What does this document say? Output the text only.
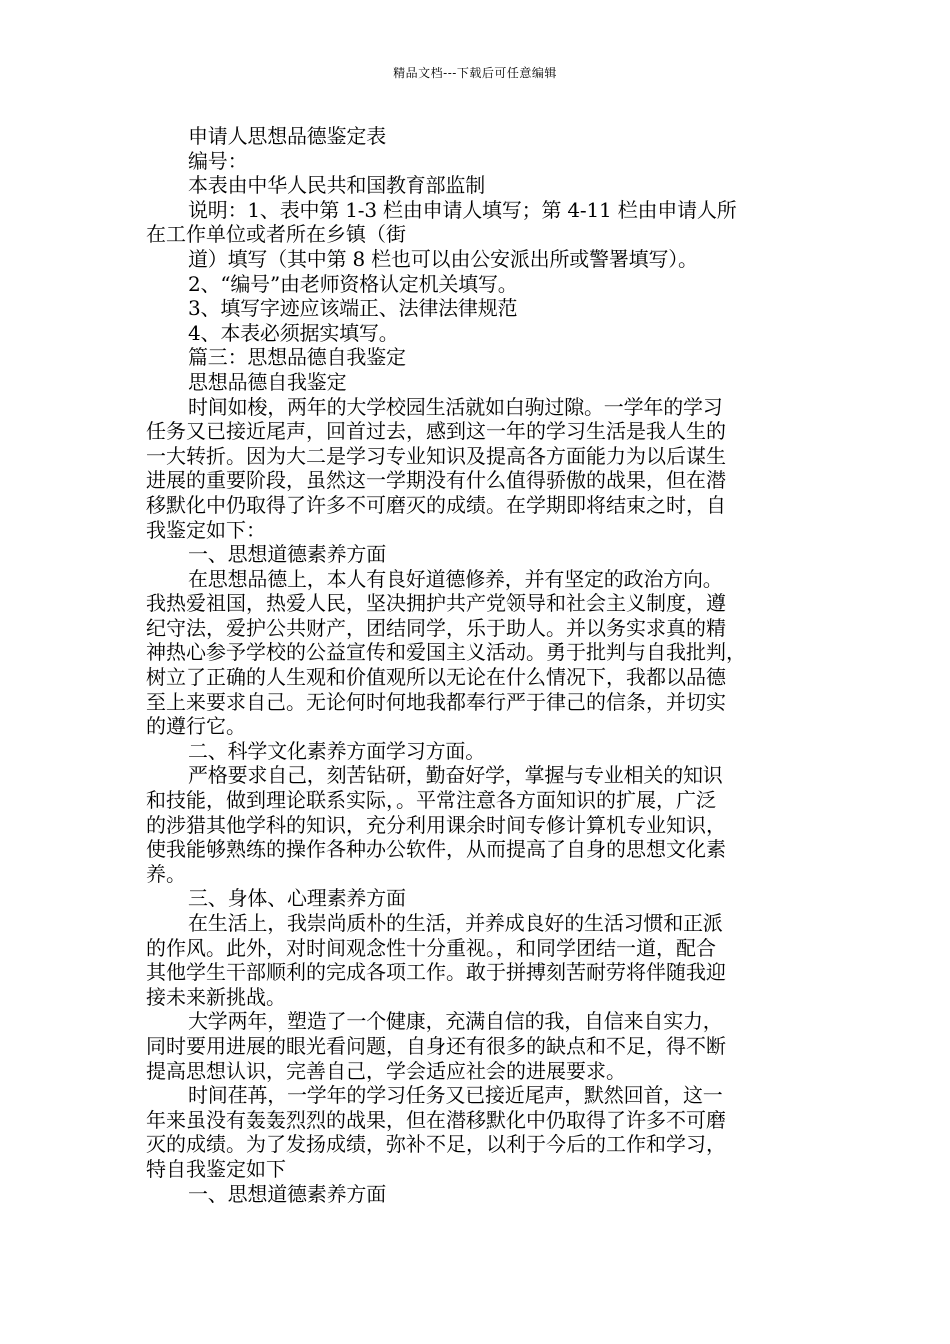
精品文档---下载后可任意编辑
申请人思想品德鉴定表
编号：
本表由中华人民共和国教育部监制
说明：1、表中第 1-3 栏由申请人填写；第 4-11 栏由申请人所
在工作单位或者所在乡镇（街
道）填写（其中第 8 栏也可以由公安派出所或警署填写）。
2、“编号”由老师资格认定机关填写。
3、填写字迹应该端正、法律法律规范
4、本表必须据实填写。
篇三：思想品德自我鉴定
思想品德自我鉴定
时间如梭，两年的大学校园生活就如白驹过隙。一学年的学习
任务又已接近尾声，回首过去，感到这一年的学习生活是我人生的
一大转折。因为大二是学习专业知识及提高各方面能力为以后谋生
进展的重要阶段，虽然这一学期没有什么值得骄傲的战果，但在潜
移默化中仍取得了许多不可磨灭的成绩。在学期即将结束之时，自
我鉴定如下：
一、思想道德素养方面
在思想品德上，本人有良好道德修养，并有坚定的政治方向。
我热爱祖国，热爱人民，坚决拥护共产党领导和社会主义制度，遵
纪守法，爱护公共财产，团结同学，乐于助人。并以务实求真的精
神热心参予学校的公益宣传和爱国主义活动。勇于批判与自我批判，
树立了正确的人生观和价值观所以无论在什么情况下，我都以品德
至上来要求自己。无论何时何地我都奉行严于律己的信条，并切实
的遵行它。
二、科学文化素养方面学习方面。
严格要求自己，刻苦钻研，勤奋好学，掌握与专业相关的知识
和技能，做到理论联系实际，。平常注意各方面知识的扩展，广泛
的涉猎其他学科的知识，充分利用课余时间专修计算机专业知识，
使我能够熟练的操作各种办公软件，从而提高了自身的思想文化素
养。
三、身体、心理素养方面
在生活上，我崇尚质朴的生活，并养成良好的生活习惯和正派
的作风。此外，对时间观念性十分重视。，和同学团结一道，配合
其他学生干部顺利的完成各项工作。敢于拼搏刻苦耐劳将伴随我迎
接未来新挑战。
大学两年，塑造了一个健康，充满自信的我，自信来自实力，
同时要用进展的眼光看问题，自身还有很多的缺点和不足，得不断
提高思想认识，完善自己，学会适应社会的进展要求。
时间荏苒，一学年的学习任务又已接近尾声，默然回首，这一
年来虽没有轰轰烈烈的战果，但在潜移默化中仍取得了许多不可磨
灭的成绩。为了发扬成绩，弥补不足，以利于今后的工作和学习，
特自我鉴定如下
一、思想道德素养方面
